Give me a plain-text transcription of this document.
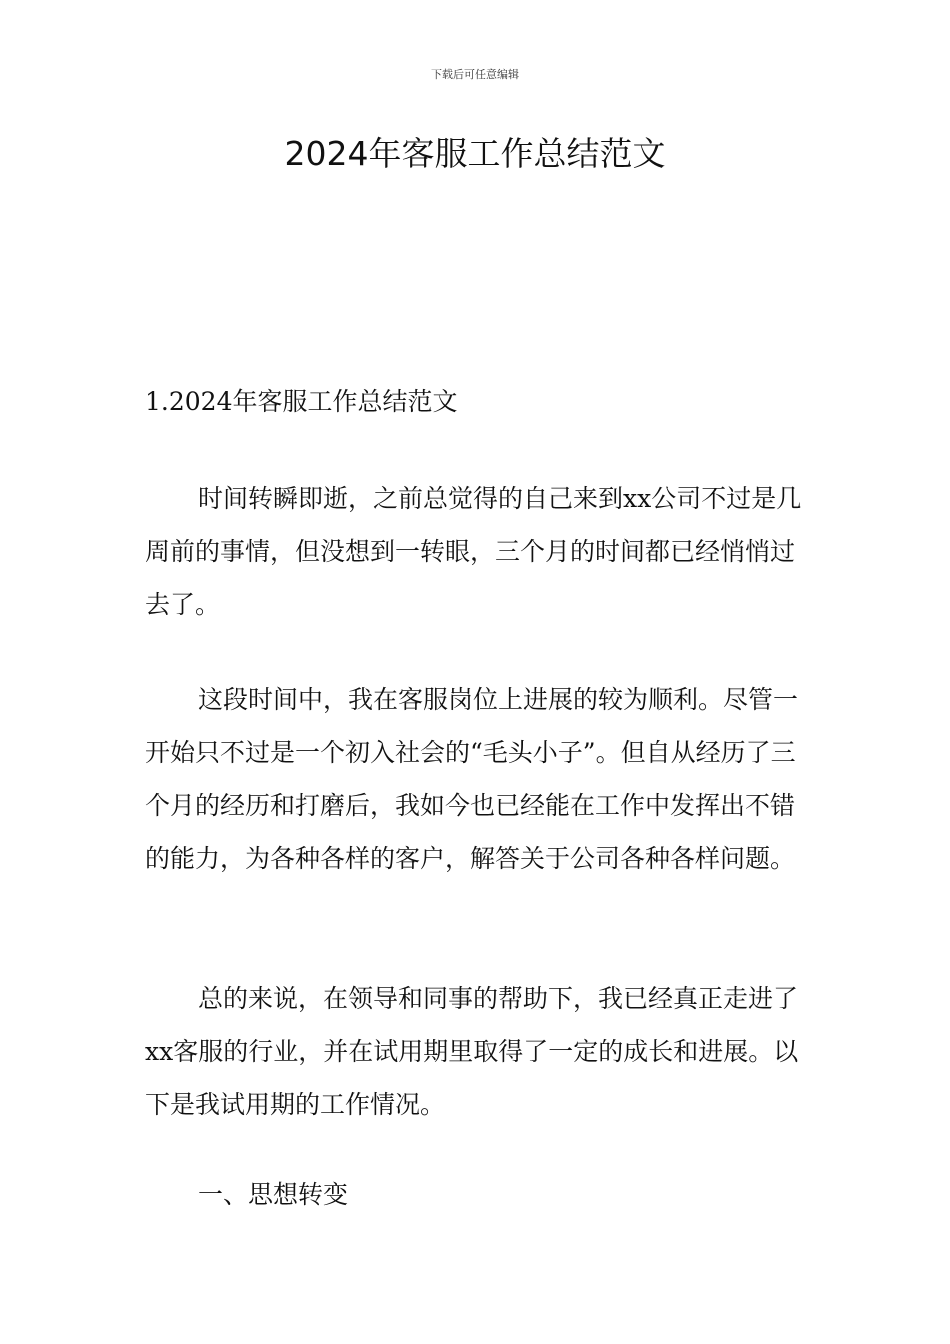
下载后可任意编辑
2024年客服工作总结范文

1.2024年客服工作总结范文

时间转瞬即逝，之前总觉得的自己来到xx公司不过是几周前的事情，但没想到一转眼，三个月的时间都已经悄悄过去了。

这段时间中，我在客服岗位上进展的较为顺利。尽管一开始只不过是一个初入社会的“毛头小子”。但自从经历了三个月的经历和打磨后，我如今也已经能在工作中发挥出不错的能力，为各种各样的客户，解答关于公司各种各样问题。

总的来说，在领导和同事的帮助下，我已经真正走进了xx客服的行业，并在试用期里取得了一定的成长和进展。以下是我试用期的工作情况。

一、思想转变
